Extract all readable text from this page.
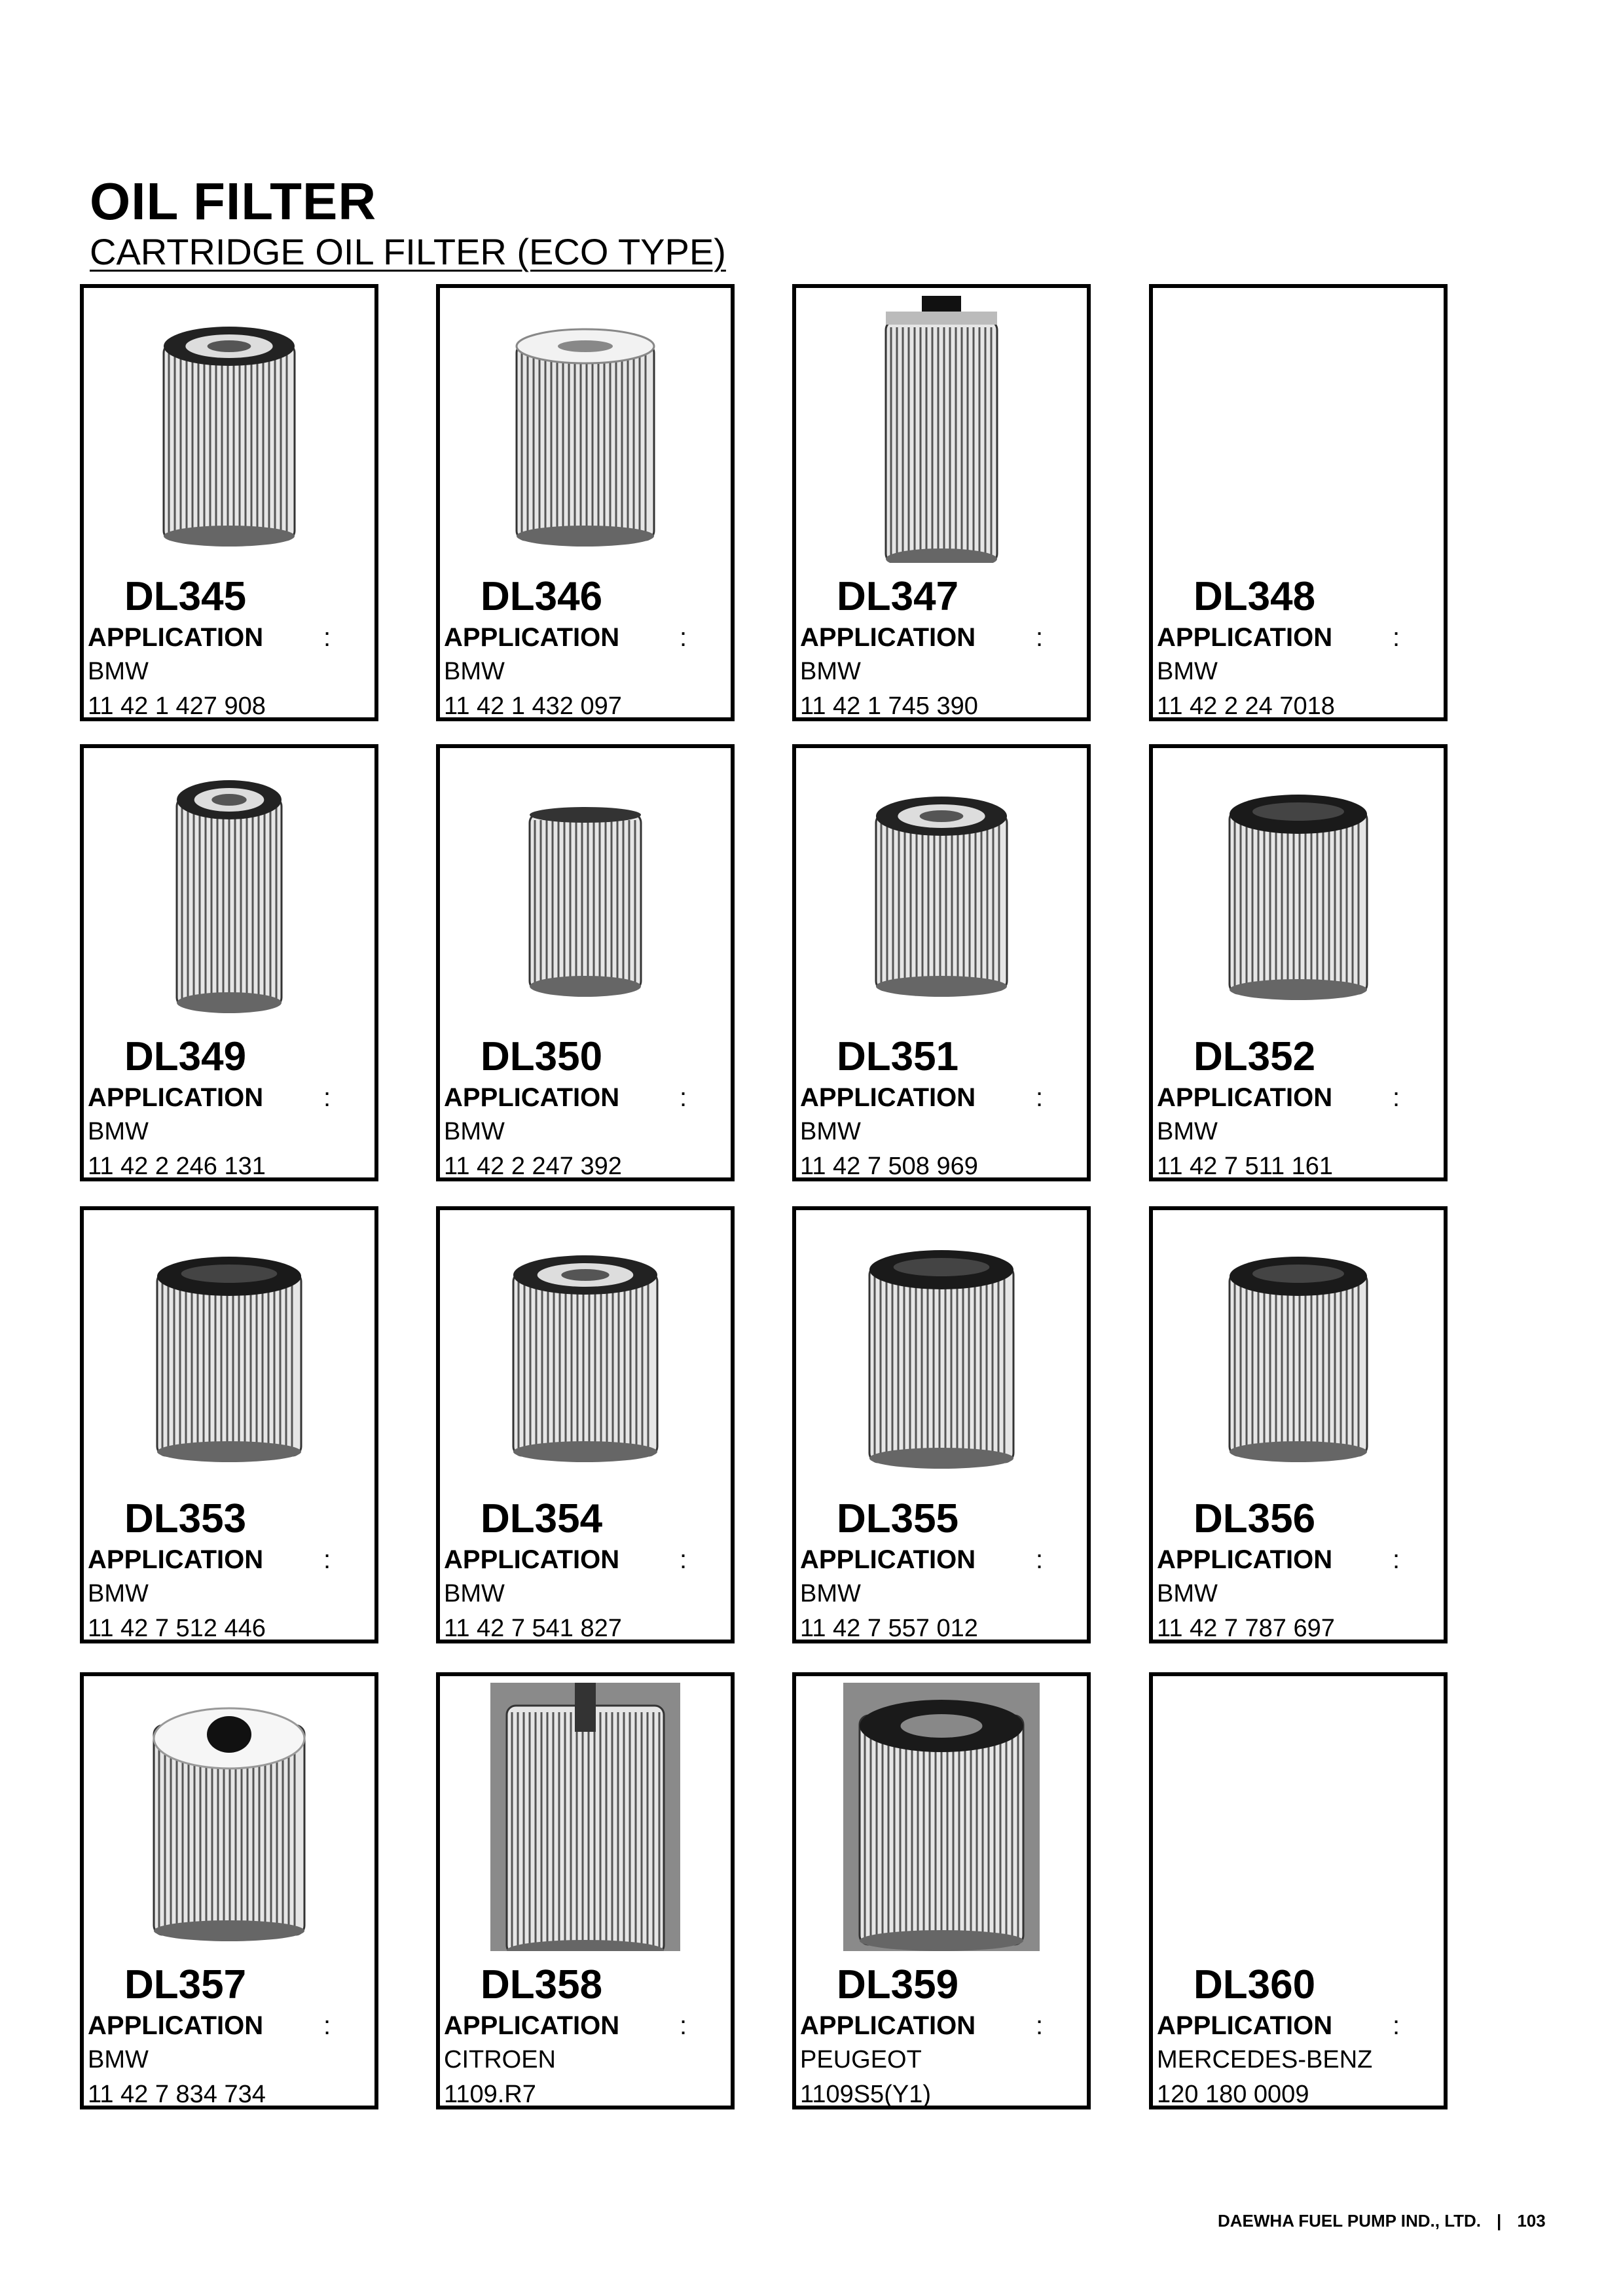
OIL FILTER
CARTRIDGE OIL FILTER (ECO TYPE)
DL345
APPLICATION :
BMW
11 42 1 427 908
DL346
APPLICATION :
BMW
11 42 1 432 097
DL347
APPLICATION :
BMW
11 42 1 745 390
DL348
APPLICATION :
BMW
11 42 2 24 7018
DL349
APPLICATION :
BMW
11 42 2 246 131
DL350
APPLICATION :
BMW
11 42 2 247 392
DL351
APPLICATION :
BMW
11 42 7 508 969
DL352
APPLICATION :
BMW
11 42 7 511 161
DL353
APPLICATION :
BMW
11 42 7 512 446
DL354
APPLICATION :
BMW
11 42 7 541 827
DL355
APPLICATION :
BMW
11 42 7 557 012
DL356
APPLICATION :
BMW
11 42 7 787 697
DL357
APPLICATION :
BMW
11 42 7 834 734
DL358
APPLICATION :
CITROEN
1109.R7
DL359
APPLICATION :
PEUGEOT
1109S5(Y1)
DL360
APPLICATION :
MERCEDES-BENZ
120 180 0009
DAEWHA FUEL PUMP IND., LTD. | 103
